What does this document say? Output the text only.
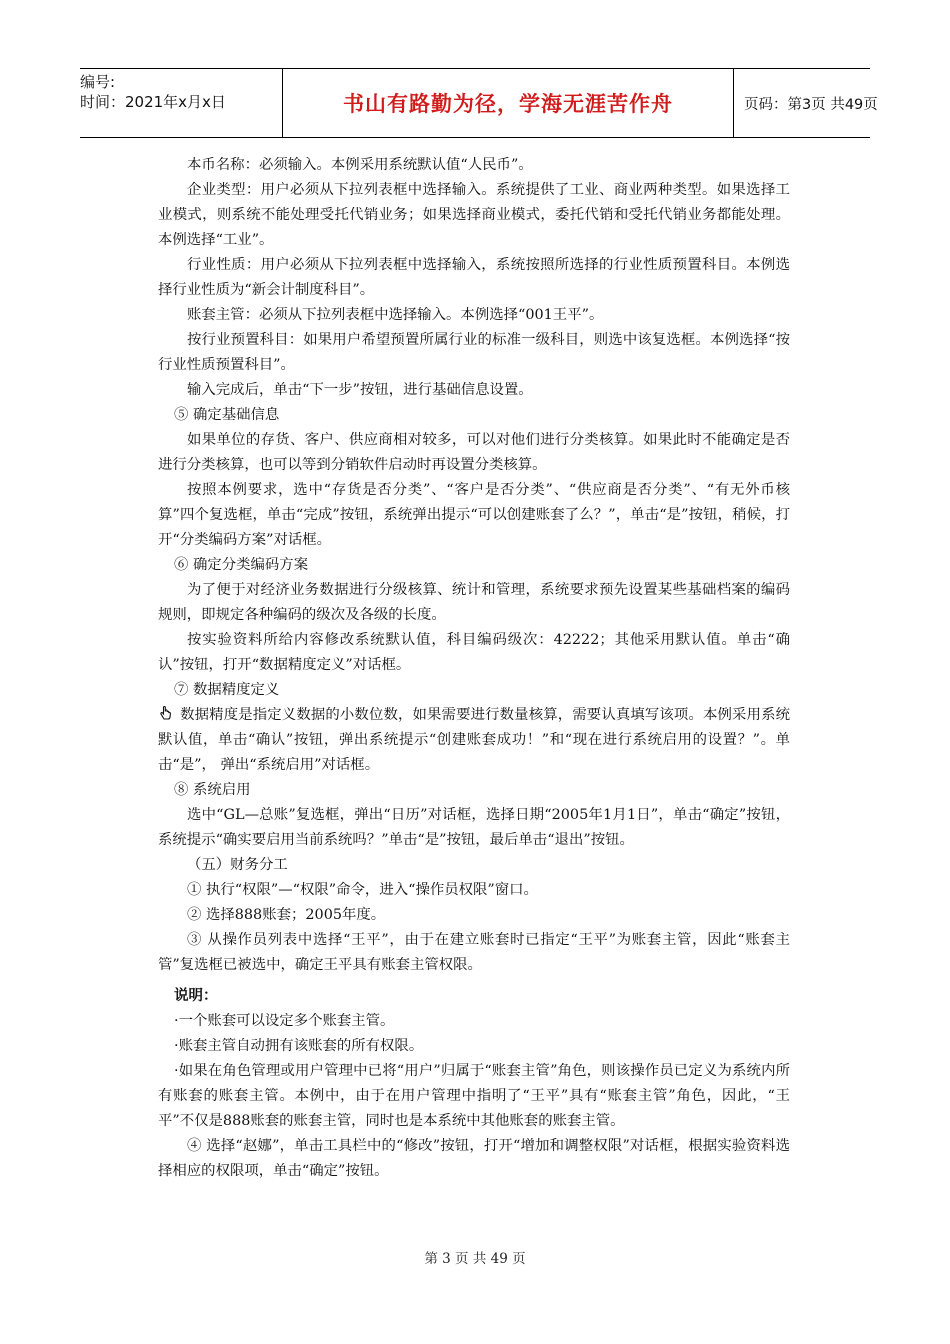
编号:
时间：2021年x月x日	书山有路勤为径，学海无涯苦作舟	页码：第3页 共49页

本币名称：必须输入。本例采用系统默认值“人民币”。

企业类型：用户必须从下拉列表框中选择输入。系统提供了工业、商业两种类型。如果选择工业模式，则系统不能处理受托代销业务；如果选择商业模式，委托代销和受托代销业务都能处理。本例选择“工业”。

行业性质：用户必须从下拉列表框中选择输入，系统按照所选择的行业性质预置科目。本例选择行业性质为“新会计制度科目”。

账套主管：必须从下拉列表框中选择输入。本例选择“001王平”。

按行业预置科目：如果用户希望预置所属行业的标准一级科目，则选中该复选框。本例选择“按行业性质预置科目”。

输入完成后，单击“下一步”按钮，进行基础信息设置。

⑤ 确定基础信息

如果单位的存货、客户、供应商相对较多，可以对他们进行分类核算。如果此时不能确定是否进行分类核算，也可以等到分销软件启动时再设置分类核算。

按照本例要求，选中“存货是否分类”、“客户是否分类”、“供应商是否分类”、“有无外币核算”四个复选框，单击“完成”按钮，系统弹出提示“可以创建账套了么？”，单击“是”按钮，稍候，打开“分类编码方案”对话框。

⑥ 确定分类编码方案

为了便于对经济业务数据进行分级核算、统计和管理，系统要求预先设置某些基础档案的编码规则，即规定各种编码的级次及各级的长度。

按实验资料所给内容修改系统默认值，科目编码级次：42222；其他采用默认值。单击“确认”按钮，打开“数据精度定义”对话框。

⑦ 数据精度定义

数据精度是指定义数据的小数位数，如果需要进行数量核算，需要认真填写该项。本例采用系统默认值，单击“确认”按钮，弹出系统提示“创建账套成功！”和“现在进行系统启用的设置？”。单击“是”， 弹出“系统启用”对话框。

⑧ 系统启用

选中“GL—总账”复选框，弹出“日历”对话框，选择日期“2005年1月1日”，单击“确定”按钮，系统提示“确实要启用当前系统吗？”单击“是”按钮，最后单击“退出”按钮。

（五）财务分工

① 执行“权限”—“权限”命令，进入“操作员权限”窗口。

② 选择888账套；2005年度。

③ 从操作员列表中选择“王平”，由于在建立账套时已指定“王平”为账套主管，因此“账套主管”复选框已被选中，确定王平具有账套主管权限。

说明：

·一个账套可以设定多个账套主管。

·账套主管自动拥有该账套的所有权限。

·如果在角色管理或用户管理中已将“用户”归属于“账套主管”角色，则该操作员已定义为系统内所有账套的账套主管。本例中，由于在用户管理中指明了“王平”具有“账套主管”角色，因此，“王平”不仅是888账套的账套主管，同时也是本系统中其他账套的账套主管。

④ 选择“赵娜”，单击工具栏中的“修改”按钮，打开“增加和调整权限”对话框，根据实验资料选择相应的权限项，单击“确定”按钮。

第 3 页 共 49 页
